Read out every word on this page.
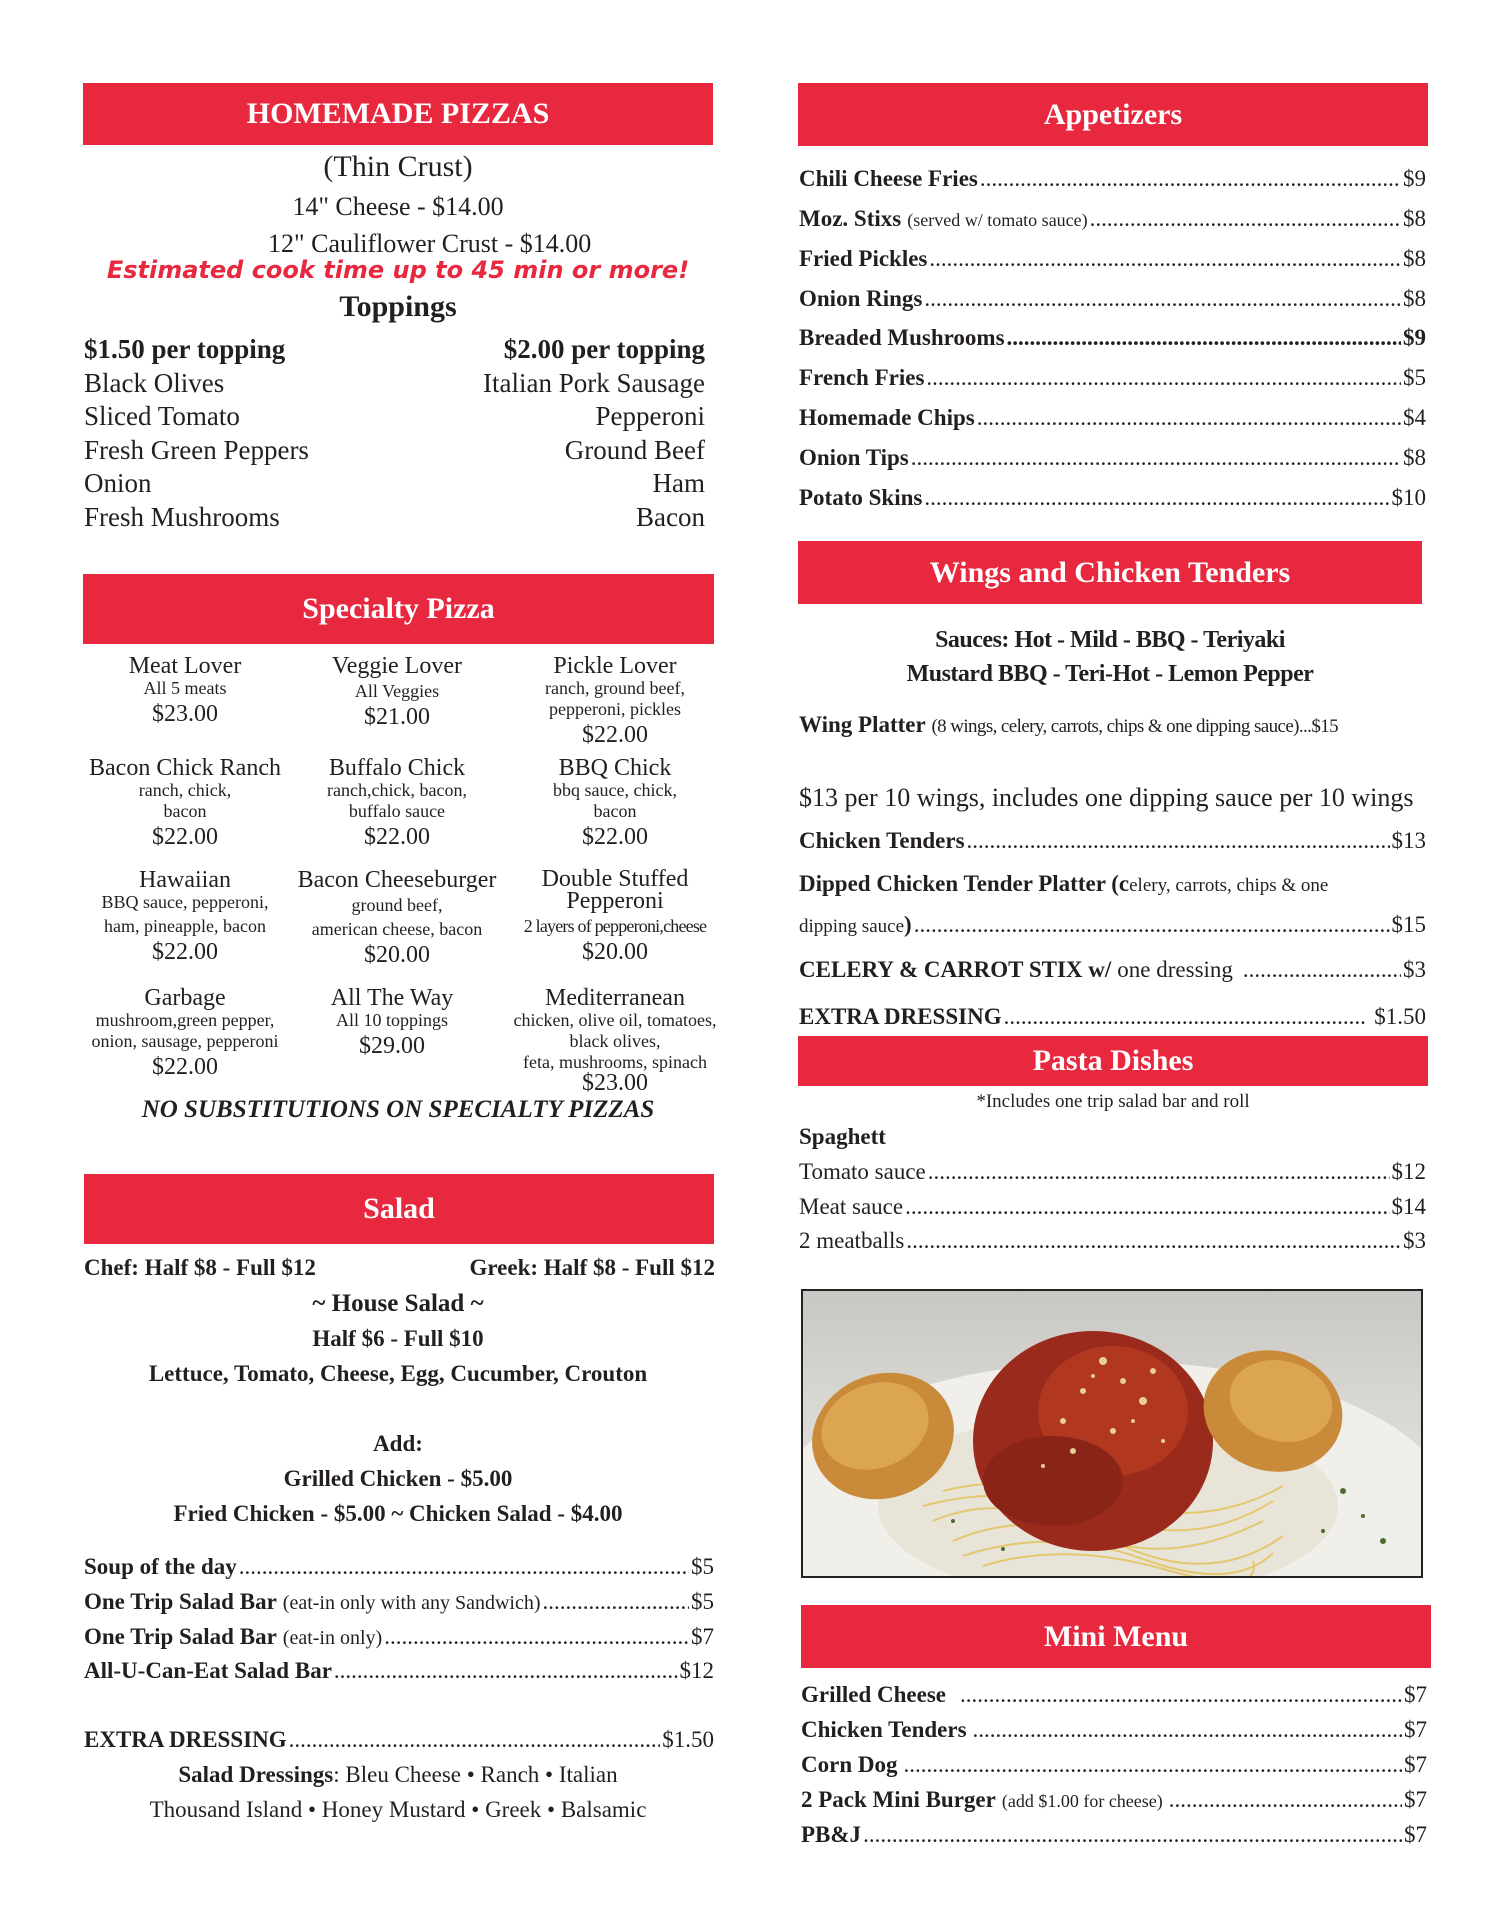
HOMEMADE PIZZAS
(Thin Crust)
14" Cheese - $14.00
12" Cauliflower Crust - $14.00
Estimated cook time up to 45 min or more!
Toppings
$1.50 per topping
Black Olives
Sliced Tomato
Fresh Green Peppers
Onion
Fresh Mushrooms
$2.00 per topping
Italian Pork Sausage
Pepperoni
Ground Beef
Ham
Bacon
Specialty Pizza
Meat Lover
All 5 meats
$23.00
Veggie Lover
All Veggies
$21.00
Pickle Lover
ranch, ground beef,
pepperoni, pickles
$22.00
Bacon Chick Ranch
ranch, chick,
bacon
$22.00
Buffalo Chick
ranch,chick, bacon,
buffalo sauce
$22.00
BBQ Chick
bbq sauce, chick,
bacon
$22.00
Hawaiian
BBQ sauce, pepperoni,
ham, pineapple, bacon
$22.00
Bacon Cheeseburger
ground beef,
american cheese, bacon
$20.00
Double Stuffed Pepperoni
2 layers of pepperoni,cheese
$20.00
Garbage
mushroom,green pepper,
onion, sausage, pepperoni
$22.00
All The Way
All 10 toppings
$29.00
Mediterranean
chicken, olive oil, tomatoes,
black olives,
feta, mushrooms, spinach
$23.00
NO SUBSTITUTIONS ON SPECIALTY PIZZAS
Salad
Chef: Half $8 - Full $12	Greek: Half $8 - Full $12
~ House Salad ~
Half $6 - Full $10
Lettuce, Tomato, Cheese, Egg, Cucumber, Crouton
Add:
Grilled Chicken - $5.00
Fried Chicken - $5.00 ~ Chicken Salad - $4.00
Soup of the day .....	$5
One Trip Salad Bar (eat-in only with any Sandwich) .....	$5
One Trip Salad Bar (eat-in only) .....	$7
All-U-Can-Eat Salad Bar .....	$12
EXTRA DRESSING .....	$1.50
Salad Dressings: Bleu Cheese • Ranch • Italian
Thousand Island • Honey Mustard • Greek • Balsamic
Appetizers
Chili Cheese Fries .....	$9
Moz. Stixs (served w/ tomato sauce) .....	$8
Fried Pickles .....	$8
Onion Rings .....	$8
Breaded Mushrooms .....	$9
French Fries .....	$5
Homemade Chips .....	$4
Onion Tips .....	$8
Potato Skins .....	$10
Wings and Chicken Tenders
Sauces: Hot - Mild - BBQ - Teriyaki
Mustard BBQ - Teri-Hot - Lemon Pepper
Wing Platter (8 wings, celery, carrots, chips & one dipping sauce)...$15
$13 per 10 wings, includes one dipping sauce per 10 wings
Chicken Tenders .....	$13
Dipped Chicken Tender Platter (celery, carrots, chips & one
dipping sauce ) .....	$15
CELERY & CARROT STIX w/ one dressing .....	$3
EXTRA DRESSING .....	$1.50
Pasta Dishes
*Includes one trip salad bar and roll
Spaghett
Tomato sauce .....	$12
Meat sauce .....	$14
2 meatballs .....	$3
Mini Menu
Grilled Cheese .....	$7
Chicken Tenders .....	$7
Corn Dog .....	$7
2 Pack Mini Burger (add $1.00 for cheese) .....	$7
PB&J .....	$7
